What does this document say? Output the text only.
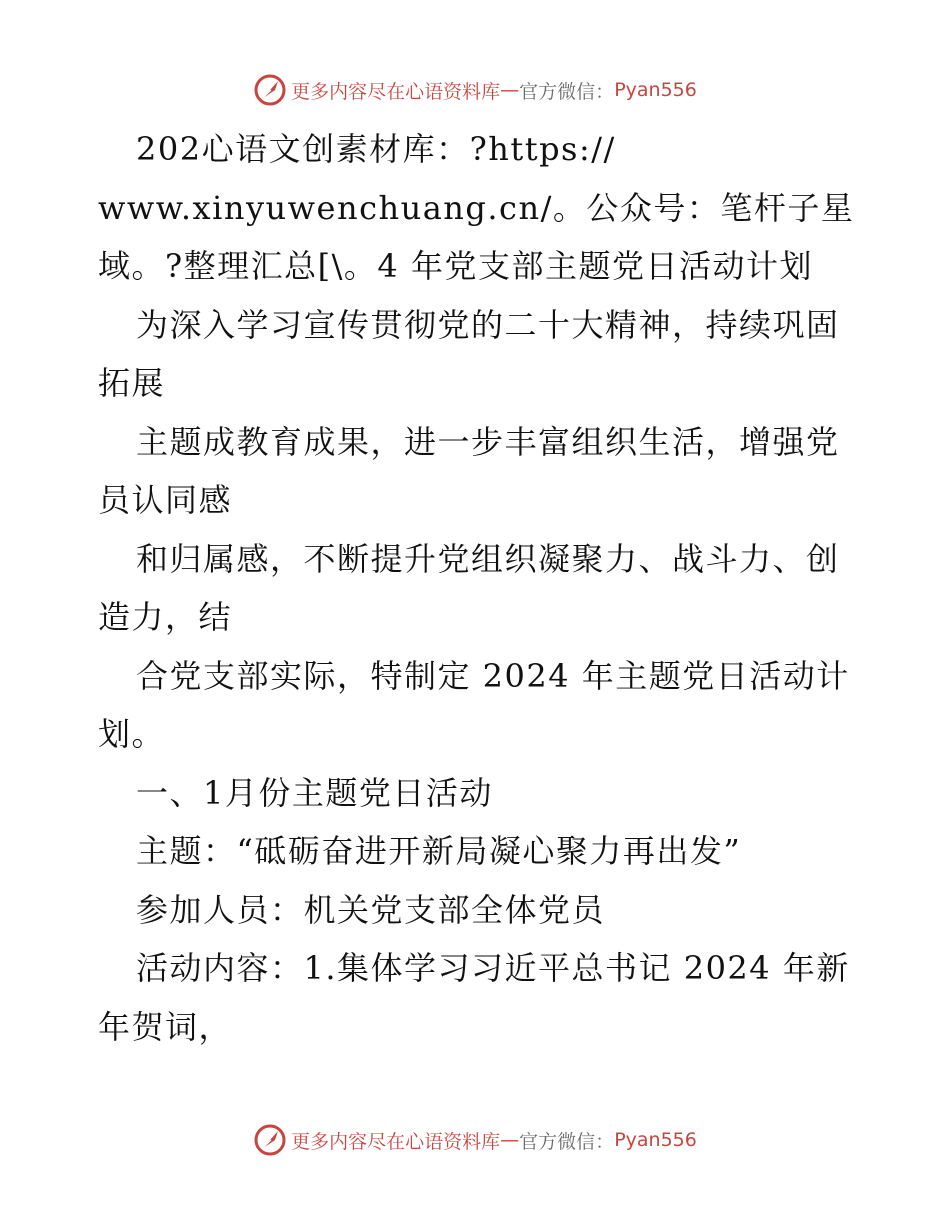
更多内容尽在心语资料库 — 官方微信： Pyan556
202心语文创素材库：?https://
www.xinyuwenchuang.cn/。公众号：笔杆子星
域。?整理汇总[\。4 年党支部主题党日活动计划
为深入学习宣传贯彻党的二十大精神，持续巩固
拓展
主题成教育成果，进一步丰富组织生活，增强党
员认同感
和归属感，不断提升党组织凝聚力、战斗力、创
造力，结
合党支部实际，特制定 2024 年主题党日活动计
划。
一、1月份主题党日活动
主题：“砥砺奋进开新局凝心聚力再出发”
参加人员：机关党支部全体党员
活动内容：1.集体学习习近平总书记 2024 年新
年贺词，
更多内容尽在心语资料库 — 官方微信： Pyan556
